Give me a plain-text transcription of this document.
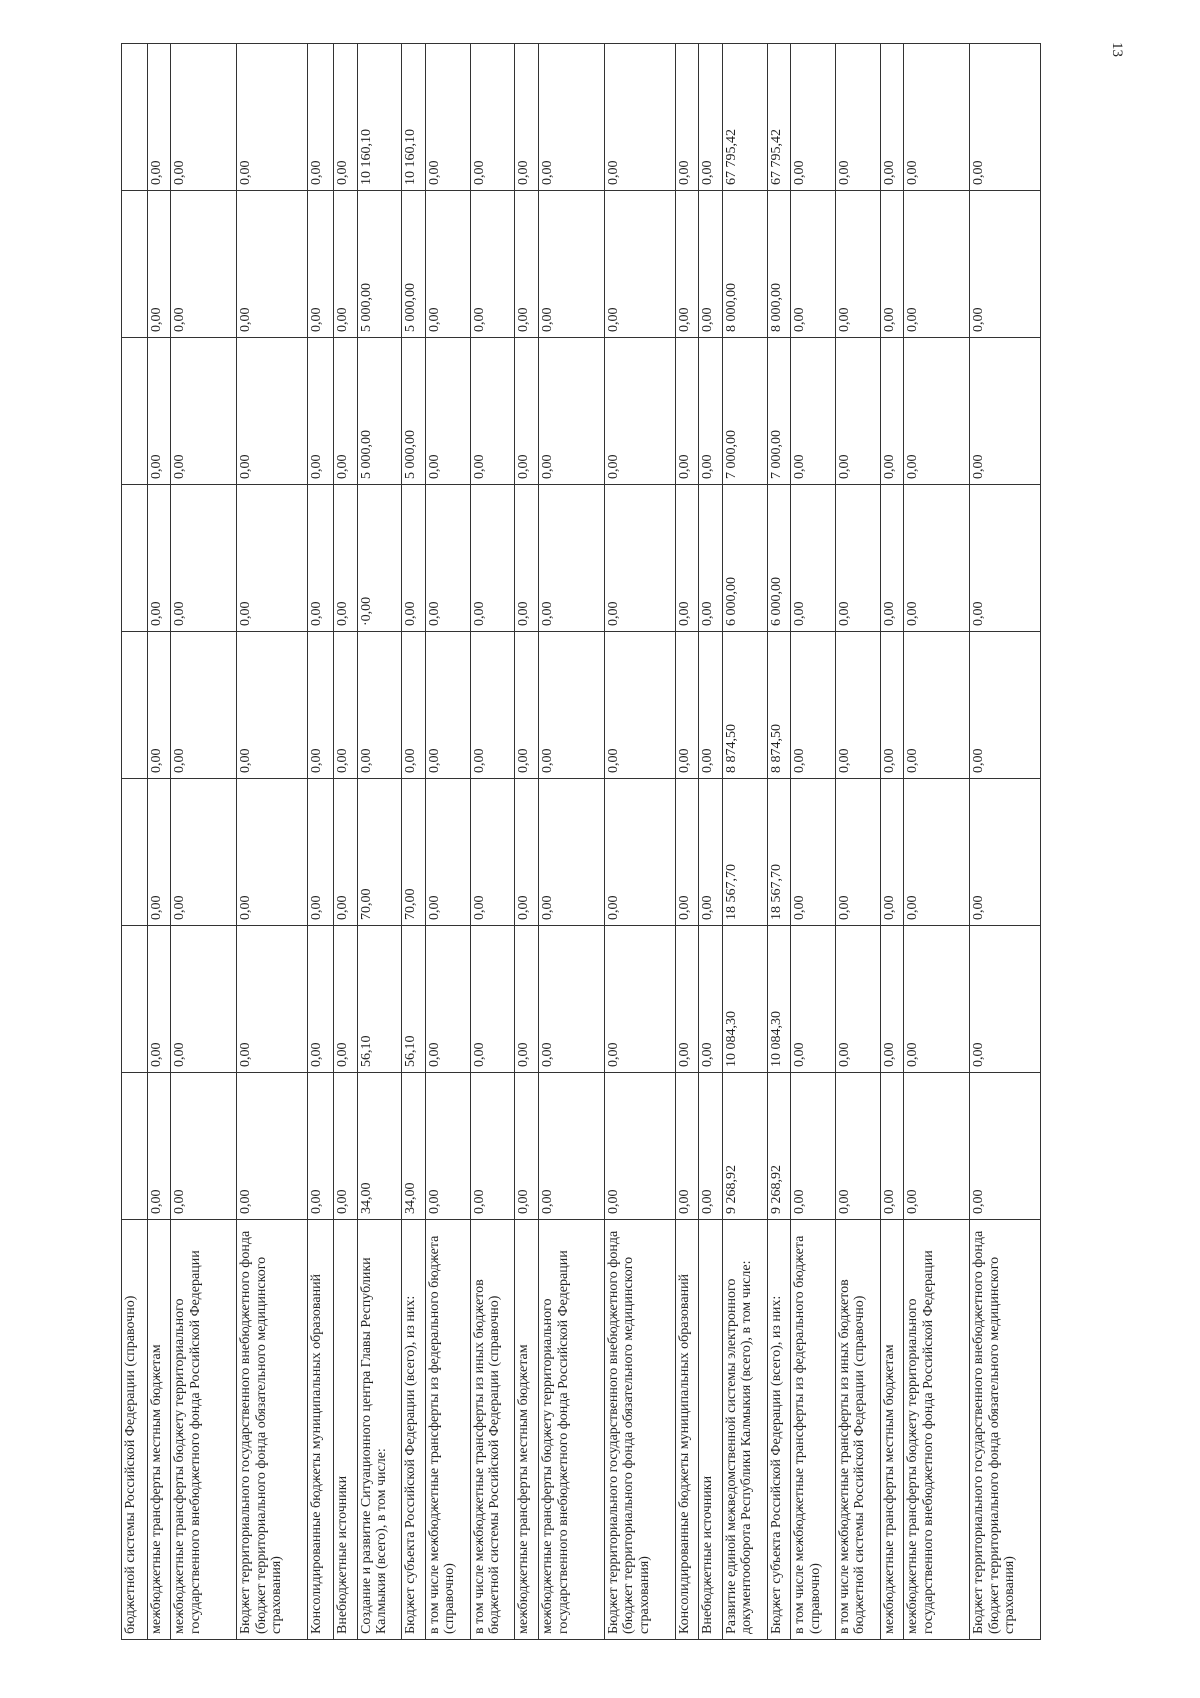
13
бюджетной системы Российской Федерации (справочно)								
межбюджетные трансферты местным бюджетам	0,00	0,00	0,00	0,00	0,00	0,00	0,00	0,00
межбюджетные трансферты бюджету территориального государственного внебюджетного фонда Российской Федерации	0,00	0,00	0,00	0,00	0,00	0,00	0,00	0,00
Бюджет территориального государственного внебюджетного фонда (бюджет территориального фонда обязательного медицинского страхования)	0,00	0,00	0,00	0,00	0,00	0,00	0,00	0,00
Консолидированные бюджеты муниципальных образований	0,00	0,00	0,00	0,00	0,00	0,00	0,00	0,00
Внебюджетные источники	0,00	0,00	0,00	0,00	0,00	0,00	0,00	0,00
Создание и развитие Ситуационного центра Главы Республики Калмыкия (всего), в том числе:	34,00	56,10	70,00	0,00	·0,00	5 000,00	5 000,00	10 160,10
Бюджет субъекта Российской Федерации (всего), из них:	34,00	56,10	70,00	0,00	0,00	5 000,00	5 000,00	10 160,10
в том числе межбюджетные трансферты из федерального бюджета (справочно)	0,00	0,00	0,00	0,00	0,00	0,00	0,00	0,00
в том числе межбюджетные трансферты из иных бюджетов бюджетной системы Российской Федерации (справочно)	0,00	0,00	0,00	0,00	0,00	0,00	0,00	0,00
межбюджетные трансферты местным бюджетам	0,00	0,00	0,00	0,00	0,00	0,00	0,00	0,00
межбюджетные трансферты бюджету территориального государственного внебюджетного фонда Российской Федерации	0,00	0,00	0,00	0,00	0,00	0,00	0,00	0,00
Бюджет территориального государственного внебюджетного фонда (бюджет территориального фонда обязательного медицинского страхования)	0,00	0,00	0,00	0,00	0,00	0,00	0,00	0,00
Консолидированные бюджеты муниципальных образований	0,00	0,00	0,00	0,00	0,00	0,00	0,00	0,00
Внебюджетные источники	0,00	0,00	0,00	0,00	0,00	0,00	0,00	0,00
Развитие единой межведомственной системы электронного документооборота Республики Калмыкия (всего), в том числе:	9 268,92	10 084,30	18 567,70	8 874,50	6 000,00	7 000,00	8 000,00	67 795,42
Бюджет субъекта Российской Федерации (всего), из них:	9 268,92	10 084,30	18 567,70	8 874,50	6 000,00	7 000,00	8 000,00	67 795,42
в том числе межбюджетные трансферты из федерального бюджета (справочно)	0,00	0,00	0,00	0,00	0,00	0,00	0,00	0,00
в том числе межбюджетные трансферты из иных бюджетов бюджетной системы Российской Федерации (справочно)	0,00	0,00	0,00	0,00	0,00	0,00	0,00	0,00
межбюджетные трансферты местным бюджетам	0,00	0,00	0,00	0,00	0,00	0,00	0,00	0,00
межбюджетные трансферты бюджету территориального государственного внебюджетного фонда Российской Федерации	0,00	0,00	0,00	0,00	0,00	0,00	0,00	0,00
Бюджет территориального государственного внебюджетного фонда (бюджет территориального фонда обязательного медицинского страхования)	0,00	0,00	0,00	0,00	0,00	0,00	0,00	0,00
